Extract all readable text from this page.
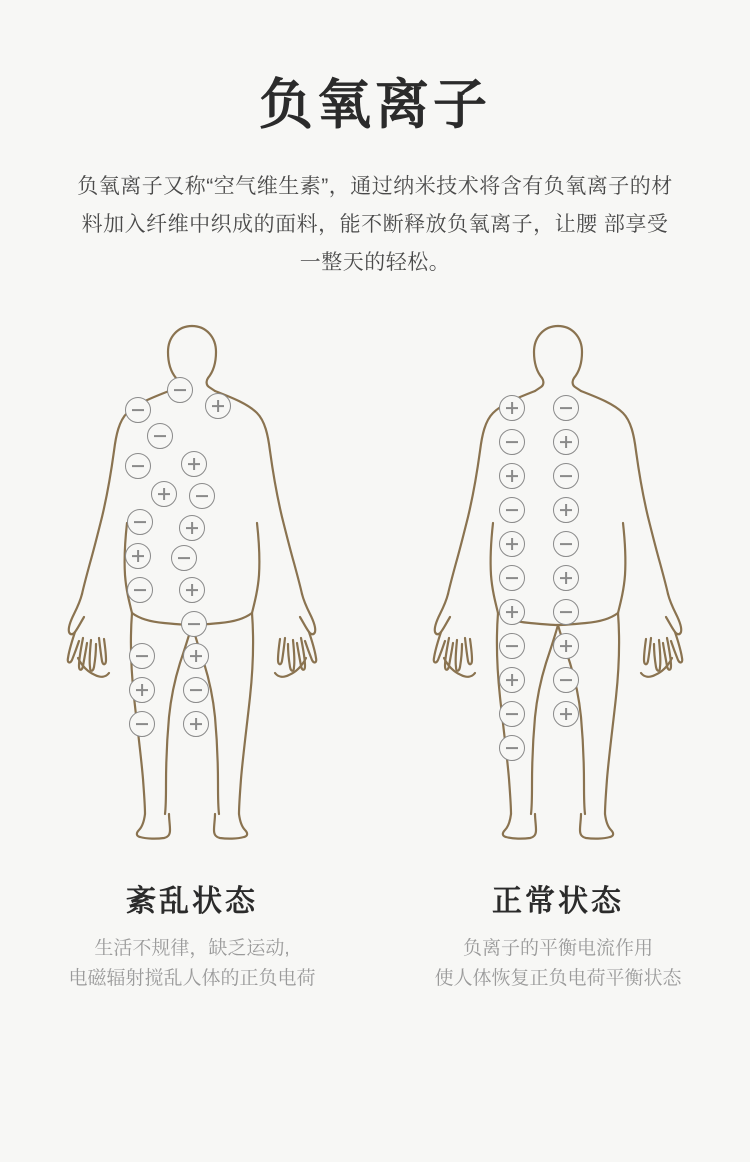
负氧离子

负氧离子又称“空气维生素”，通过纳米技术将含有负氧离子的材料加入纤维中织成的面料，能不断释放负氧离子，让腰 部享受一整天的轻松。

紊乱状态
生活不规律，缺乏运动,
电磁辐射搅乱人体的正负电荷
正常状态
负离子的平衡电流作用
使人体恢复正负电荷平衡状态
